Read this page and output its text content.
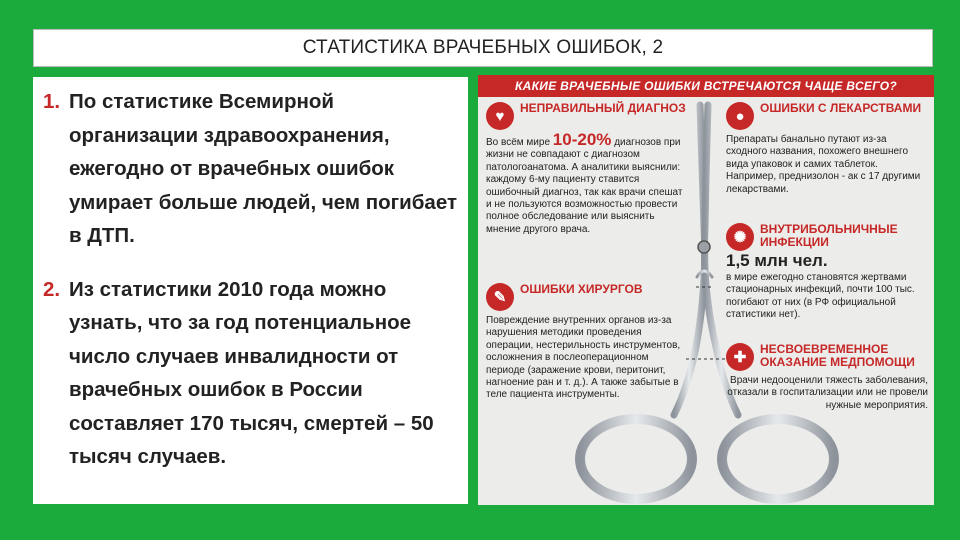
СТАТИСТИКА ВРАЧЕБНЫХ ОШИБОК, 2
1. По статистике Всемирной организации здравоохранения, ежегодно от врачебных ошибок умирает больше людей, чем погибает в ДТП.
2. Из статистики 2010 года можно узнать, что за год потенциальное число случаев инвалидности от врачебных ошибок в России составляет 170 тысяч, смертей – 50 тысяч случаев.
КАКИЕ ВРАЧЕБНЫЕ ОШИБКИ ВСТРЕЧАЮТСЯ ЧАЩЕ ВСЕГО?
♥	НЕПРАВИЛЬНЫЙ ДИАГНОЗ
Во всём мире 10-20% диагнозов при жизни не совпадают с диагнозом патологоанатома. А аналитики выяснили: каждому 6-му пациенту ставится ошибочный диагноз, так как врачи спешат и не пользуются возможностью провести полное обследование или выяснить мнение другого врача.
✎	ОШИБКИ ХИРУРГОВ
Повреждение внутренних органов из-за нарушения методики проведения операции, нестерильность инструментов, осложнения в послеоперационном периоде (заражение крови, перитонит, нагноение ран и т. д.). А также забытые в теле пациента инструменты.
●	ОШИБКИ С ЛЕКАРСТВАМИ
Препараты банально путают из-за сходного названия, похожего внешнего вида упаковок и самих таблеток. Например, преднизолон - ак с 17 другими лекарствами.
✺	ВНУТРИБОЛЬНИЧНЫЕ ИНФЕКЦИИ
1,5 млн чел.
в мире ежегодно становятся жертвами стационарных инфекций, почти 100 тыс. погибают от них (в РФ официальной статистики нет).
✚	НЕСВОЕВРЕМЕННОЕ ОКАЗАНИЕ МЕДПОМОЩИ
Врачи недооценили тяжесть заболевания, отказали в госпитализации или не провели нужные мероприятия.
